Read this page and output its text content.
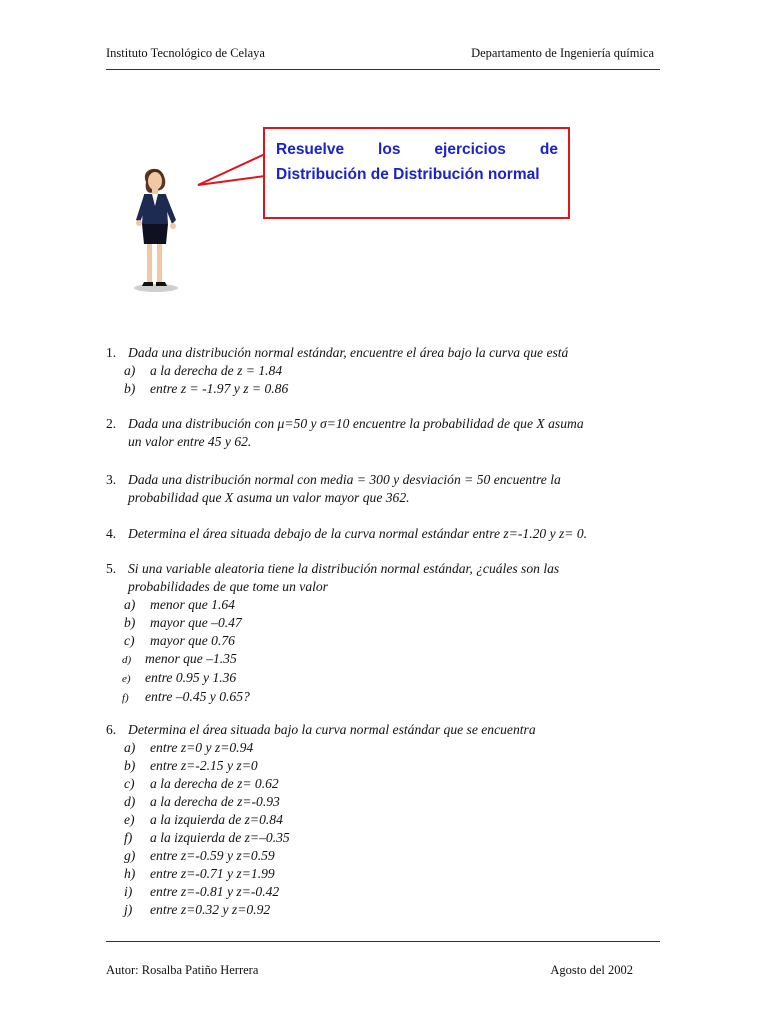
Instituto Tecnológico de Celaya	Departamento de Ingeniería química
Resuelve los ejercicios de Distribución de Distribución normal
1. Dada una distribución normal estándar, encuentre el área bajo la curva que está
a) a la derecha de z = 1.84
b) entre z = -1.97 y z = 0.86
2. Dada una distribución con μ=50 y σ=10 encuentre la probabilidad de que X asuma
un valor entre 45 y 62.
3. Dada una distribución normal con media = 300 y desviación = 50 encuentre la
probabilidad que X asuma un valor mayor que 362.
4. Determina el área situada debajo de la curva normal estándar entre z=-1.20 y z= 0.
5. Si una variable aleatoria tiene la distribución normal estándar, ¿cuáles son las
probabilidades de que tome un valor
a) menor que 1.64
b) mayor que –0.47
c) mayor que 0.76
d) menor que –1.35
e) entre 0.95 y 1.36
f) entre –0.45 y 0.65?
6. Determina el área situada bajo la curva normal estándar que se encuentra
a) entre z=0 y z=0.94
b) entre z=-2.15 y z=0
c) a la derecha de z= 0.62
d) a la derecha de z=-0.93
e) a la izquierda de z=0.84
f) a la izquierda de z=–0.35
g) entre z=-0.59 y z=0.59
h) entre z=-0.71 y z=1.99
i) entre z=-0.81 y z=-0.42
j) entre z=0.32 y z=0.92
Autor: Rosalba Patiño Herrera	Agosto del 2002
